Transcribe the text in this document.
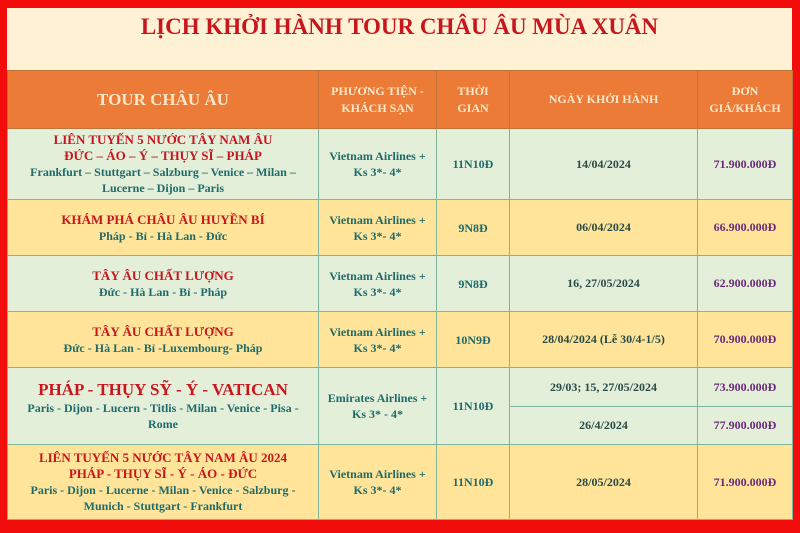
LỊCH KHỞI HÀNH TOUR CHÂU ÂU MÙA XUÂN
TOUR CHÂU ÂU	PHƯƠNG TIỆN - KHÁCH SẠN	THỜI GIAN	NGÀY KHỞI HÀNH	ĐƠN GIÁ/KHÁCH

LIÊN TUYẾN 5 NƯỚC TÂY NAM ÂU
ĐỨC – ÁO – Ý – THỤY SĨ – PHÁP
Frankfurt – Stuttgart – Salzburg – Venice – Milan – Lucerne – Dijon – Paris	Vietnam Airlines + Ks 3*- 4*	11N10Đ	14/04/2024	71.900.000Đ

KHÁM PHÁ CHÂU ÂU HUYỀN BÍ
Pháp - Bỉ - Hà Lan - Đức	Vietnam Airlines + Ks 3*- 4*	9N8Đ	06/04/2024	66.900.000Đ

TÂY ÂU CHẤT LƯỢNG
Đức - Hà Lan - Bỉ - Pháp	Vietnam Airlines + Ks 3*- 4*	9N8Đ	16, 27/05/2024	62.900.000Đ

TÂY ÂU CHẤT LƯỢNG
Đức - Hà Lan - Bỉ -Luxembourg- Pháp	Vietnam Airlines + Ks 3*- 4*	10N9Đ	28/04/2024 (Lễ 30/4-1/5)	70.900.000Đ

PHÁP - THỤY SỸ - Ý - VATICAN
Paris - Dijon - Lucern - Titlis - Milan - Venice - Pisa - Rome	Emirates Airlines + Ks 3* - 4*	11N10Đ	29/03; 15, 27/05/2024	73.900.000Đ
			26/4/2024	77.900.000Đ

LIÊN TUYẾN 5 NƯỚC TÂY NAM ÂU 2024
PHÁP - THỤY SĨ - Ý - ÁO - ĐỨC
Paris - Dijon - Lucerne - Milan - Venice - Salzburg - Munich - Stuttgart - Frankfurt	Vietnam Airlines + Ks 3*- 4*	11N10Đ	28/05/2024	71.900.000Đ
